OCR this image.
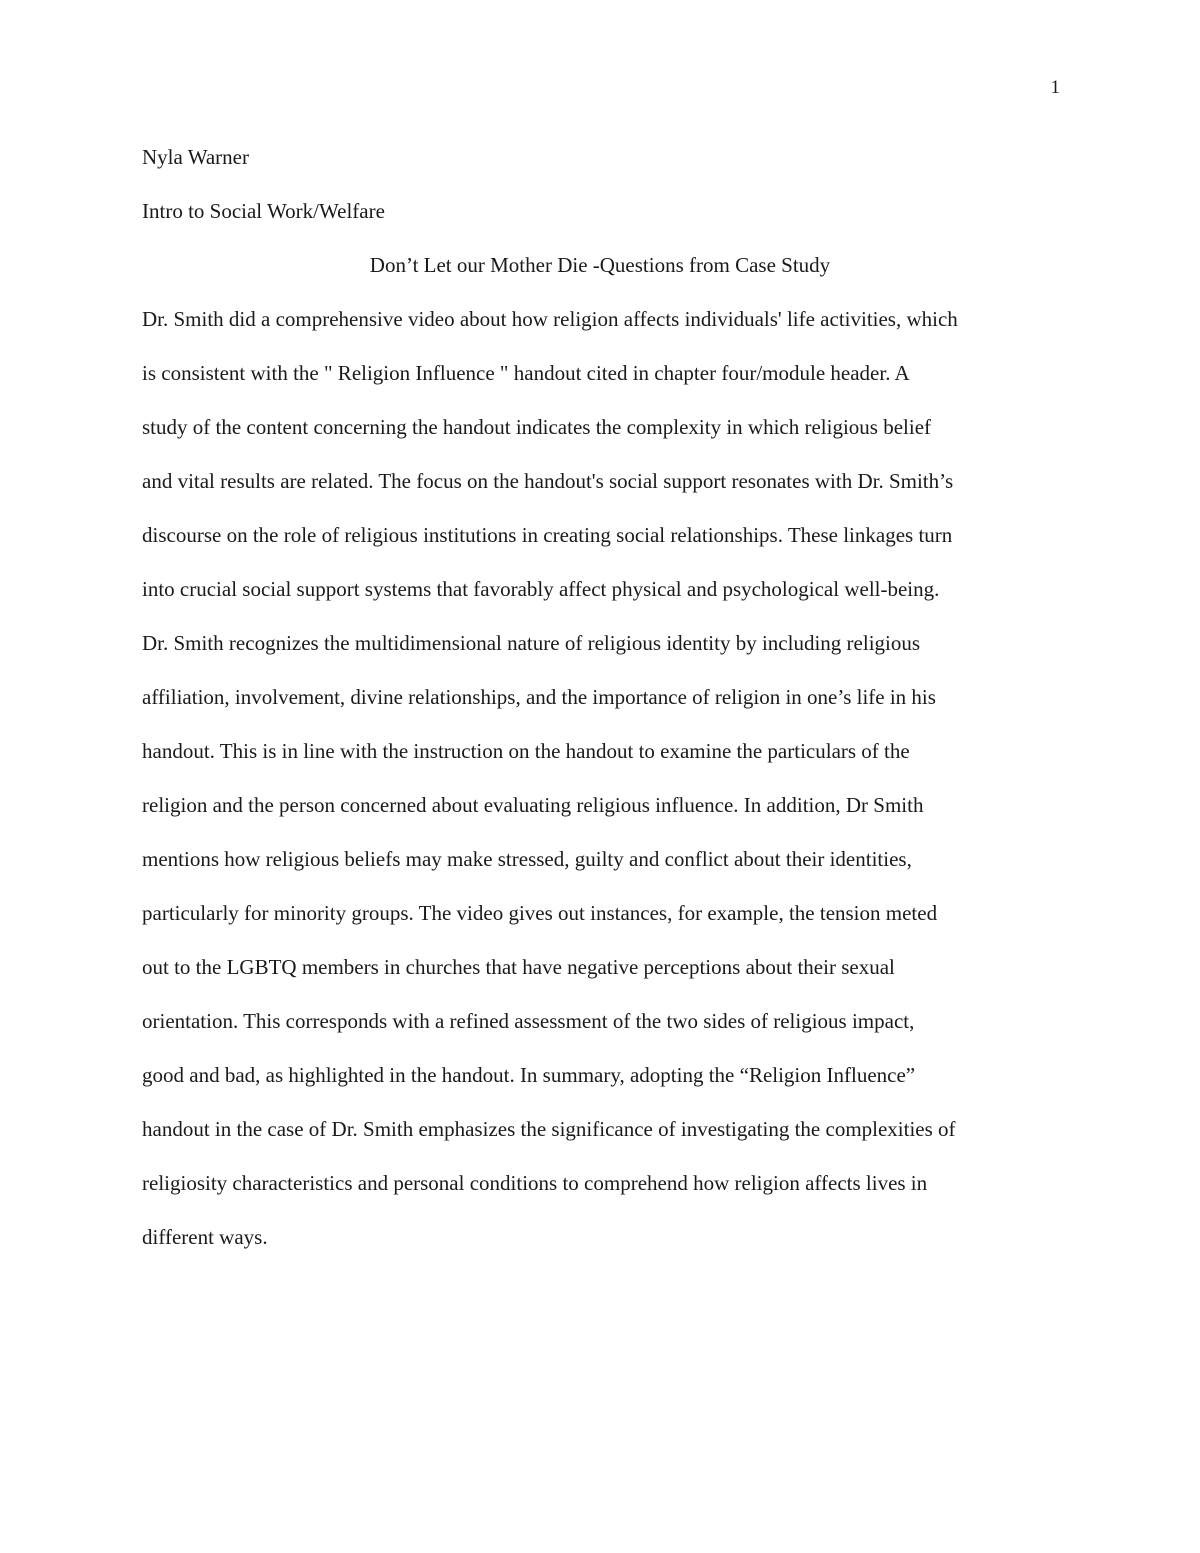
1
Nyla Warner
Intro to Social Work/Welfare
Don’t Let our Mother Die -Questions from Case Study
Dr. Smith did a comprehensive video about how religion affects individuals' life activities, which
is consistent with the " Religion Influence " handout cited in chapter four/module header. A
study of the content concerning the handout indicates the complexity in which religious belief
and vital results are related. The focus on the handout's social support resonates with Dr. Smith’s
discourse on the role of religious institutions in creating social relationships. These linkages turn
into crucial social support systems that favorably affect physical and psychological well-being.
Dr. Smith recognizes the multidimensional nature of religious identity by including religious
affiliation, involvement, divine relationships, and the importance of religion in one’s life in his
handout. This is in line with the instruction on the handout to examine the particulars of the
religion and the person concerned about evaluating religious influence. In addition, Dr Smith
mentions how religious beliefs may make stressed, guilty and conflict about their identities,
particularly for minority groups. The video gives out instances, for example, the tension meted
out to the LGBTQ members in churches that have negative perceptions about their sexual
orientation. This corresponds with a refined assessment of the two sides of religious impact,
good and bad, as highlighted in the handout. In summary, adopting the “Religion Influence”
handout in the case of Dr. Smith emphasizes the significance of investigating the complexities of
religiosity characteristics and personal conditions to comprehend how religion affects lives in
different ways.
